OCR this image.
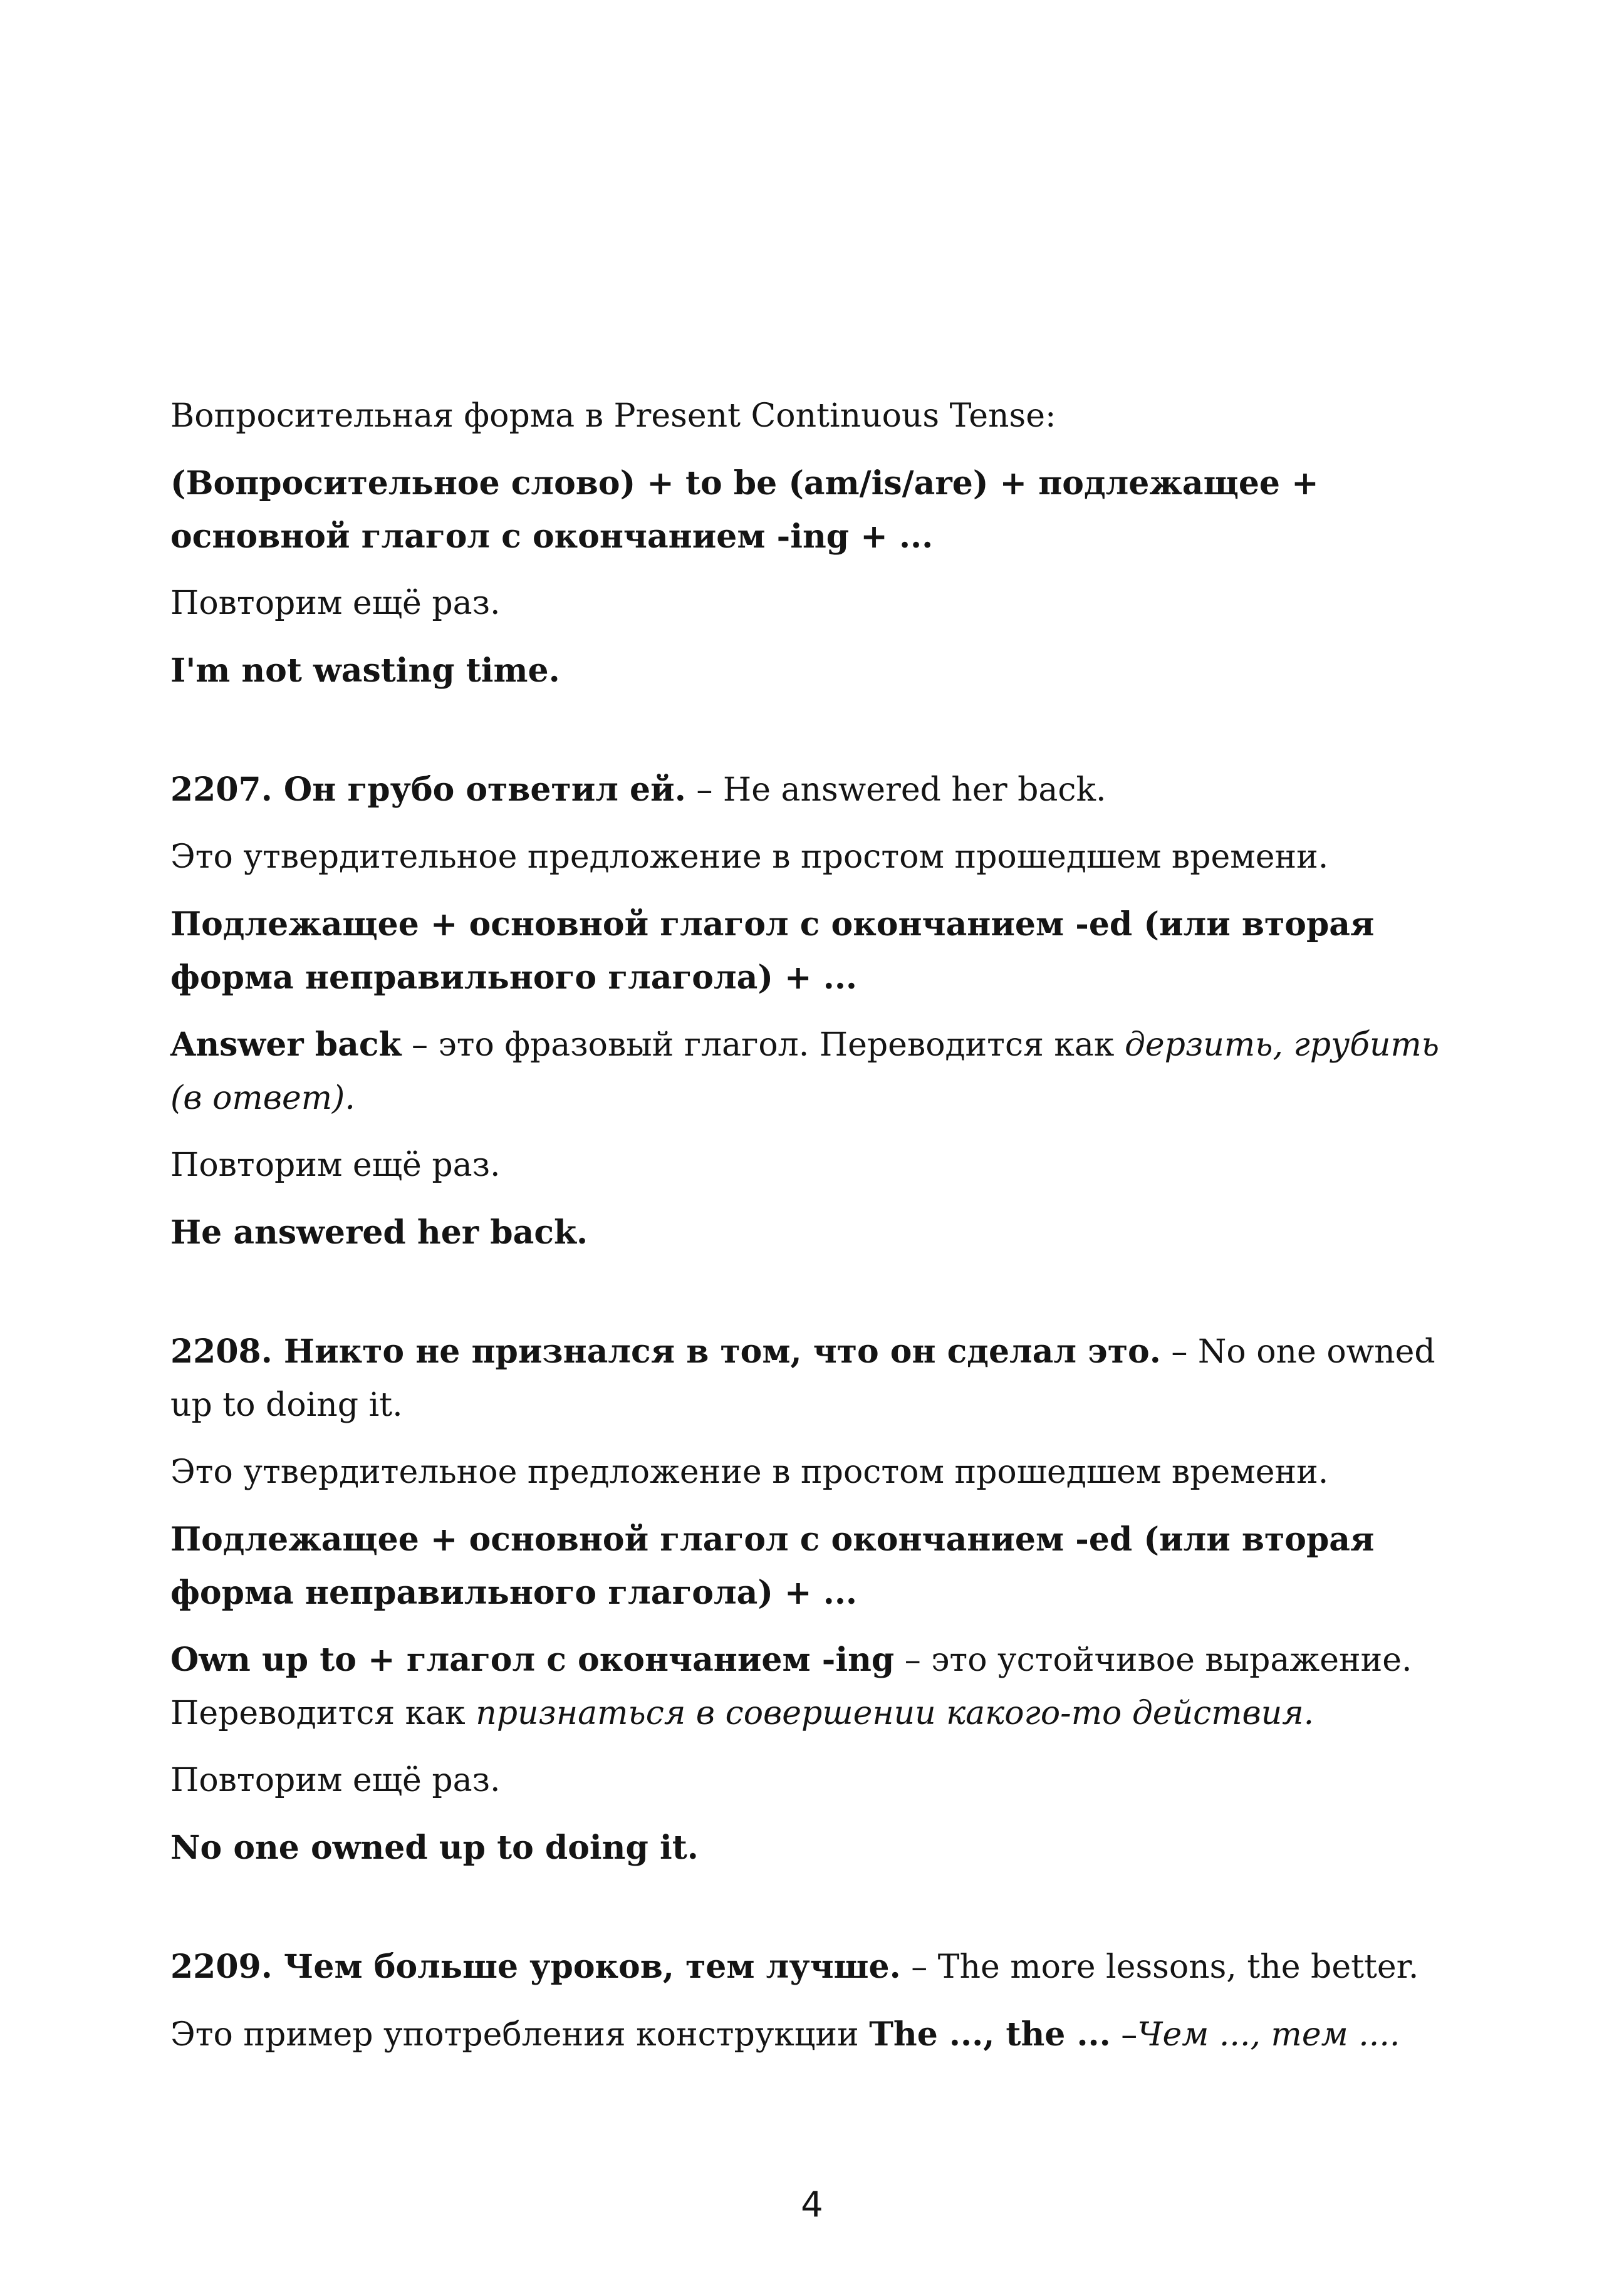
Вопросительная форма в Present Continuous Tense:

(Вопросительное слово) + to be (am/is/are) + подлежащее + основной глагол с окончанием -ing + ...

Повторим ещё раз.

I'm not wasting time.

2207. Он грубо ответил ей. – He answered her back.

Это утвердительное предложение в простом прошедшем времени.

Подлежащее + основной глагол с окончанием -ed (или вторая форма неправильного глагола) + ...

Answer back – это фразовый глагол. Переводится как дерзить, грубить (в ответ).

Повторим ещё раз.

He answered her back.

2208. Никто не признался в том, что он сделал это. – No one owned up to doing it.

Это утвердительное предложение в простом прошедшем времени.

Подлежащее + основной глагол с окончанием -ed (или вторая форма неправильного глагола) + ...

Own up to + глагол с окончанием -ing – это устойчивое выражение. Переводится как признаться в совершении какого-то действия.

Повторим ещё раз.

No one owned up to doing it.

2209. Чем больше уроков, тем лучше. – The more lessons, the better.

Это пример употребления конструкции The ..., the ... –Чем ..., тем ....

4
